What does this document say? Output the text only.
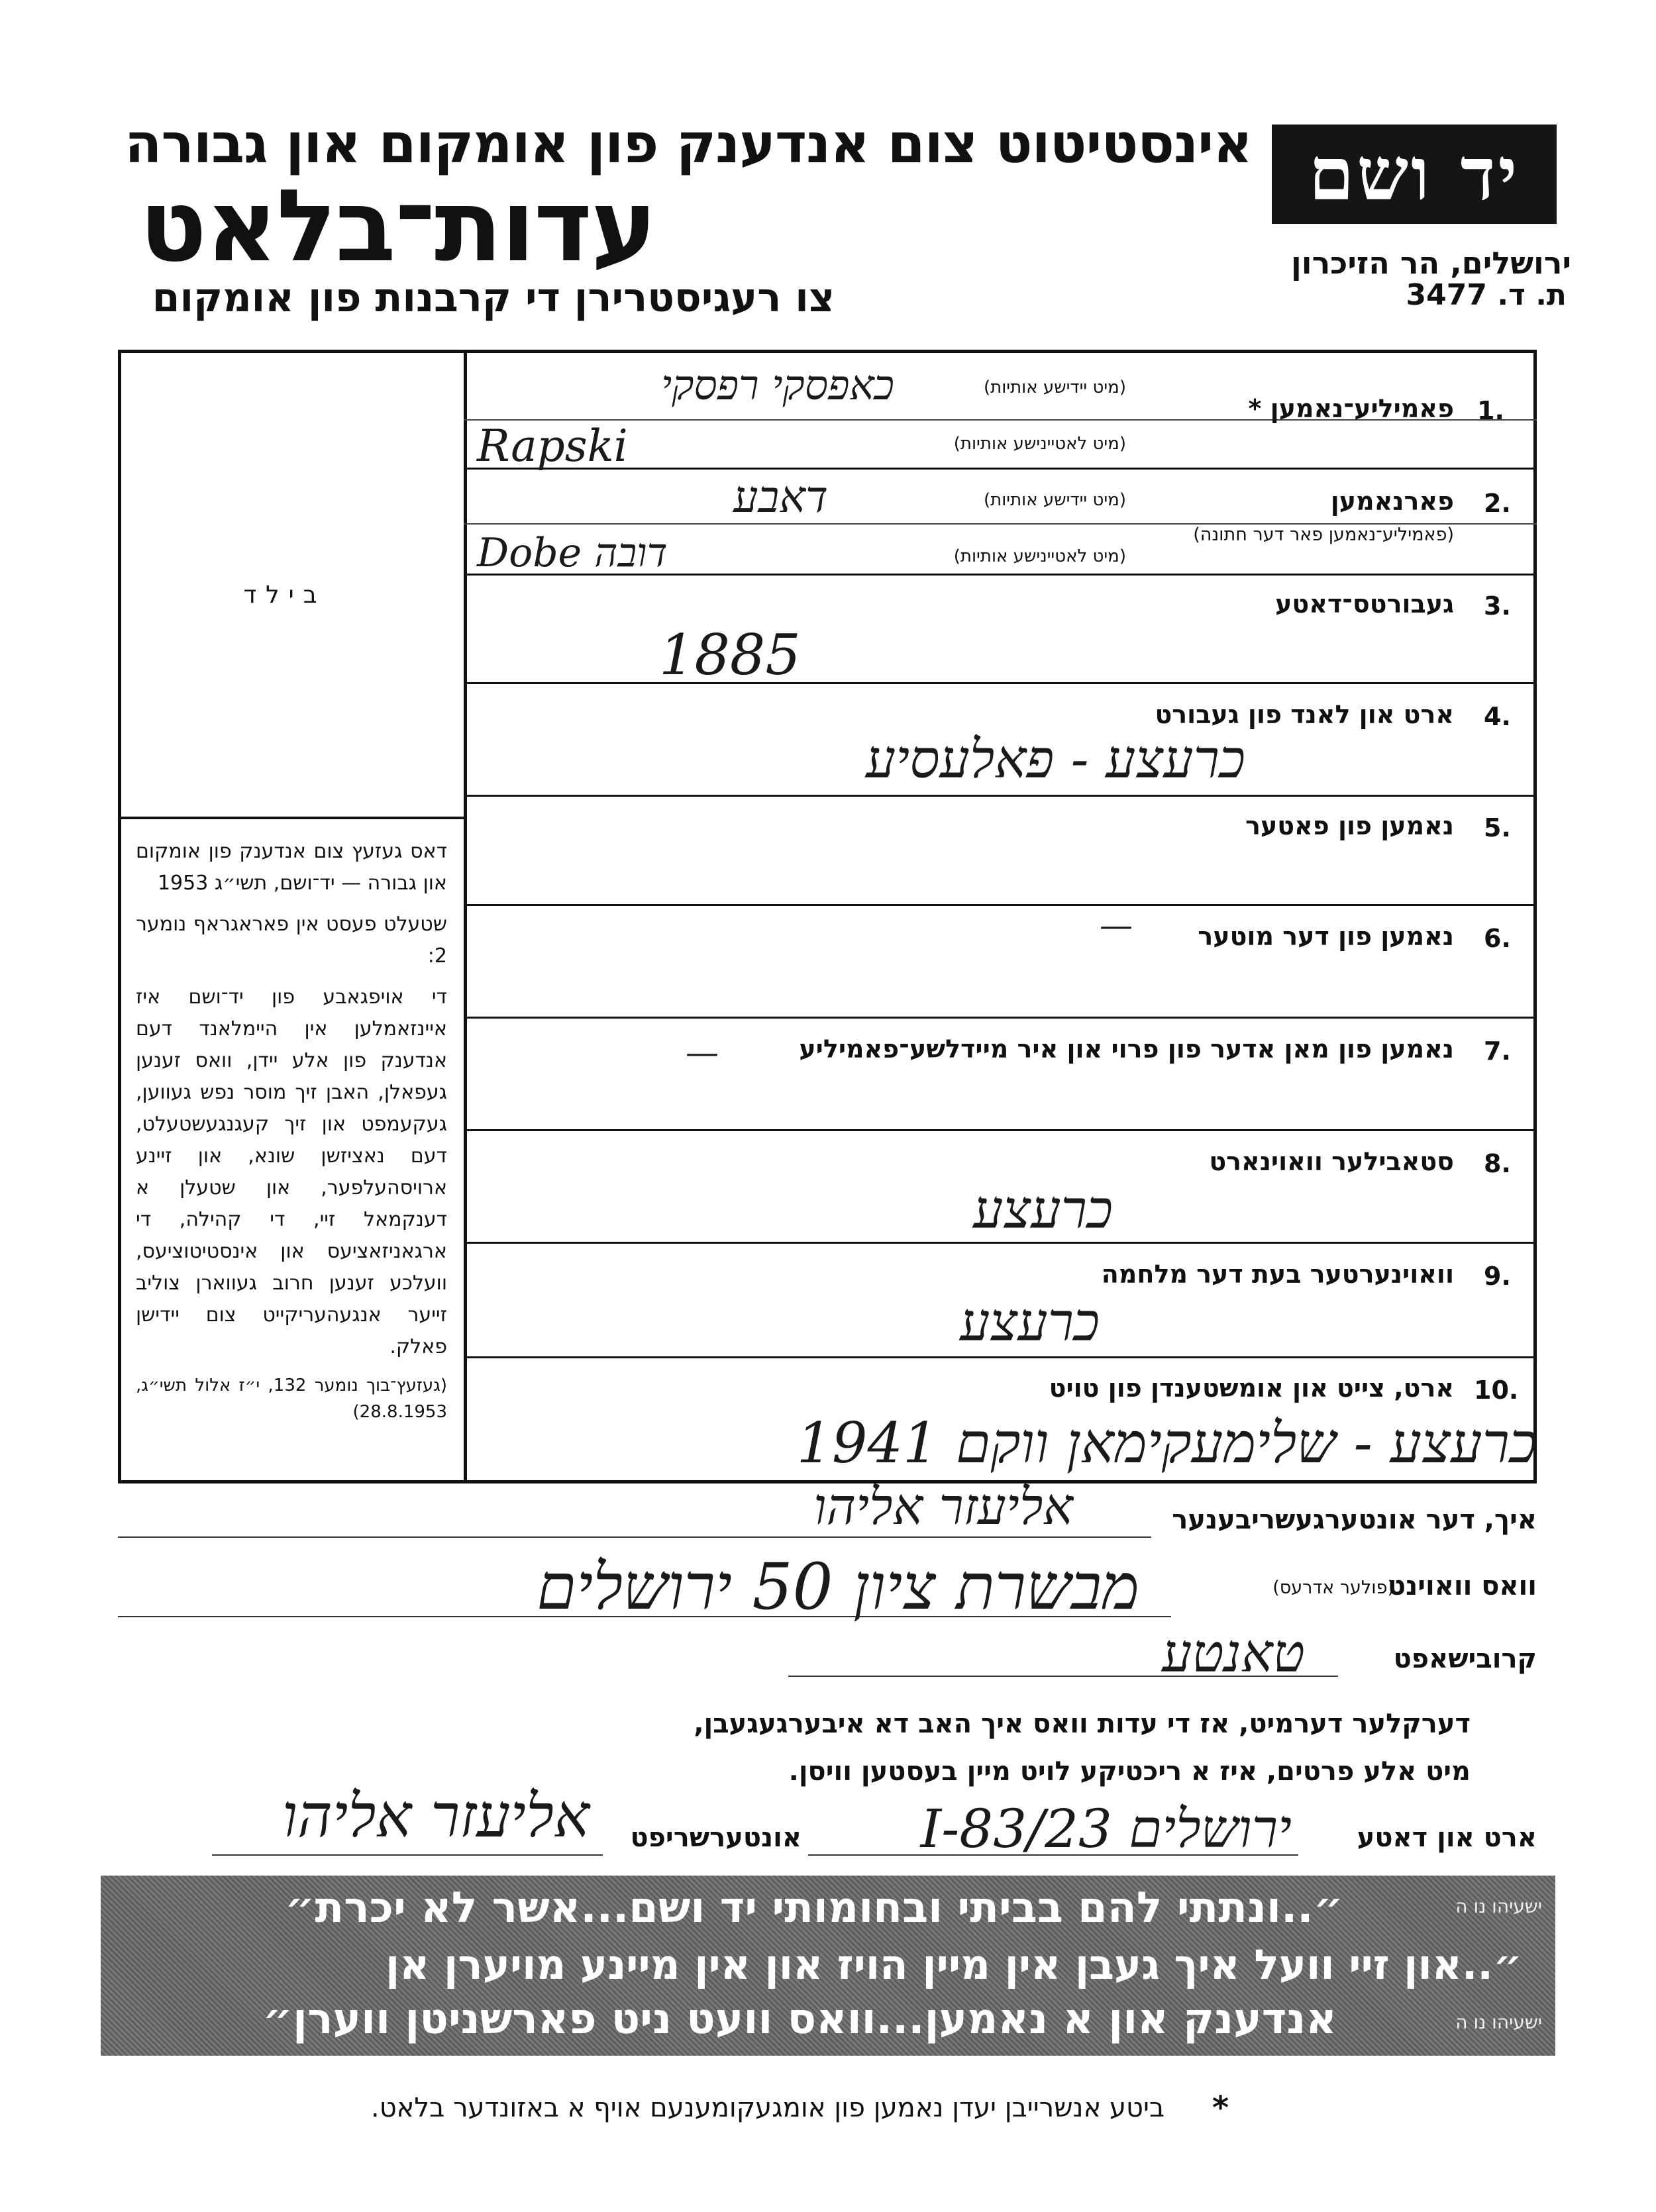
אינסטיטוט צום אנדענק פון אומקום און גבורה
עדות־בלאט
צו רעגיסטרירן די קרבנות פון אומקום
יד ושם
ירושלים, הר הזיכרון
ת. ד. 3477
בילד

דאס געזעץ צום אנדענק פון אומקום און גבורה — יד־ושם, תשי״ג 1953

שטעלט פעסט אין פאראגראף נומער 2:

די אויפגאבע פון יד־ושם איז איינזאמלען אין היימלאנד דעם אנדענק פון אלע יידן, וואס זענען געפאלן, האבן זיך מוסר נפש געווען, געקעמפט און זיך קעגנגעשטעלט, דעם נאציזשן שונא, און זיינע ארויסהעלפער, און שטעלן א דענקמאל זיי, די קהילה, די ארגאניזאציעס און אינסטיטוציעס, וועלכע זענען חרוב געווארן צוליב זייער אנגעהעריקייט צום יידישן פאלק.

(געזעץ־בוך נומער 132, י״ז אלול תשי״ג, 28.8.1953)

1.
פאמיליע־נאמען *
(מיט יידישע אותיות)
(מיט לאטיינישע אותיות)
כאפסקי רפסקי
Rapski
2.
פארנאמען
(פאמיליע־נאמען פאר דער חתונה)
(מיט יידישע אותיות)
(מיט לאטיינישע אותיות)
דאבע
Dobe דובה
3.
געבורטס־דאטע
1885
4.
ארט און לאנד פון געבורט
כרעצע - פאלעסיע
5.
נאמען פון פאטער
6.
נאמען פון דער מוטער
—
7.
נאמען פון מאן אדער פון פרוי און איר מיידלשע־פאמיליע
—
8.
סטאבילער וואוינארט
כרעצע
9.
וואוינערטער בעת דער מלחמה
כרעצע
10.
ארט, צייט און אומשטענדן פון טויט
כרעצע - שלימעקימאן ווקם 1941
איך, דער אונטערגעשריבענער
אליעזר אליהו
וואס וואוינט
(פולער אדרעס)
מבשרת ציון 50 ירושלים
קרובישאפט
טאנטע
דערקלער דערמיט, אז די עדות וואס איך האב דא איבערגעגעבן,
מיט אלע פרטים, איז א ריכטיקע לויט מיין בעסטען וויסן.
ארט און דאטע
ירושלים 23/I-83
אונטערשריפט
אליעזר אליהו
״..ונתתי להם בביתי ובחומותי יד ושם...אשר לא יכרת״	ישעיהו נו ה
״..און זיי וועל איך געבן אין מיין הויז און אין מיינע מויערן אן
אנדענק און א נאמען...וואס וועט ניט פארשניטן ווערן״	ישעיהו נו ה
*
ביטע אנשרייבן יעדן נאמען פון אומגעקומענעם אויף א באזונדער בלאט.
